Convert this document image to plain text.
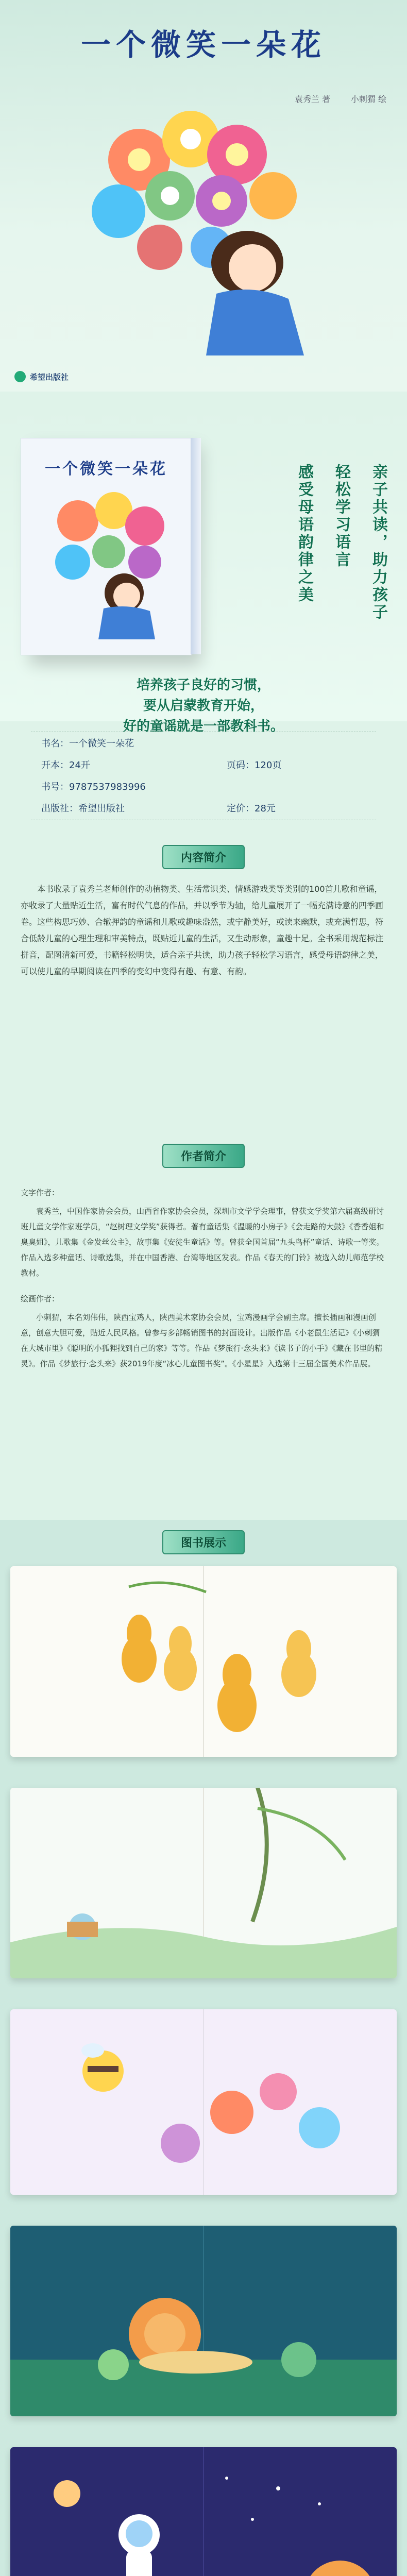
一个微笑一朵花
袁秀兰 著	小刺猬 绘
希望出版社
一个微笑一朵花	亲子共读，助力孩子
轻松学习语言
感受母语韵律之美
培养孩子良好的习惯，
要从启蒙教育开始，
好的童谣就是一部教科书。
书名：一个微笑一朵花
开本：24开	页码：120页
书号：9787537983996
出版社：希望出版社	定价：28元
内容简介
本书收录了袁秀兰老师创作的动植物类、生活常识类、情感游戏类等类别的100首儿歌和童谣，亦收录了大量贴近生活，富有时代气息的作品，并以季节为轴，给儿童展开了一幅充满诗意的四季画卷。这些构思巧妙、合辙押韵的童谣和儿歌或趣味盎然，或宁静美好，或读来幽默，或充满哲思，符合低龄儿童的心理生理和审美特点，既贴近儿童的生活，又生动形象，童趣十足。全书采用规范标注拼音，配图清新可爱，书籍轻松明快，适合亲子共读，助力孩子轻松学习语言，感受母语韵律之美，可以使儿童的早期阅读在四季的变幻中变得有趣、有意、有韵。
作者简介

文字作者：

袁秀兰，中国作家协会会员，山西省作家协会会员，深圳市文学学会理事，曾获文学奖第六届高级研讨班儿童文学作家班学员，“赵树理文学奖”获得者。著有童话集《温暖的小房子》《会走路的大鼓》《香香姐和臭臭姐》，儿歌集《金发丝公主》，故事集《安徒生童话》等。曾获全国首届“九头鸟杯”童话、诗歌一等奖。作品入选多种童话、诗歌选集，并在中国香港、台湾等地区发表。作品《春天的门铃》被选入幼儿师范学校教材。

绘画作者：

小刺猬，本名刘伟伟，陕西宝鸡人，陕西美术家协会会员，宝鸡漫画学会副主席。擅长插画和漫画创意，创意大胆可爱，贴近人民风格。曾参与多部畅销图书的封面设计。出版作品《小老鼠生活记》《小刺猬在大城市里》《聪明的小狐狸找到自己的家》等等。作品《梦旅行·念头来》《读书子的小手》《藏在书里的精灵》。作品《梦旅行·念头来》获2019年度“冰心儿童图书奖”。《小星星》入选第十三届全国美术作品展。

图书展示
